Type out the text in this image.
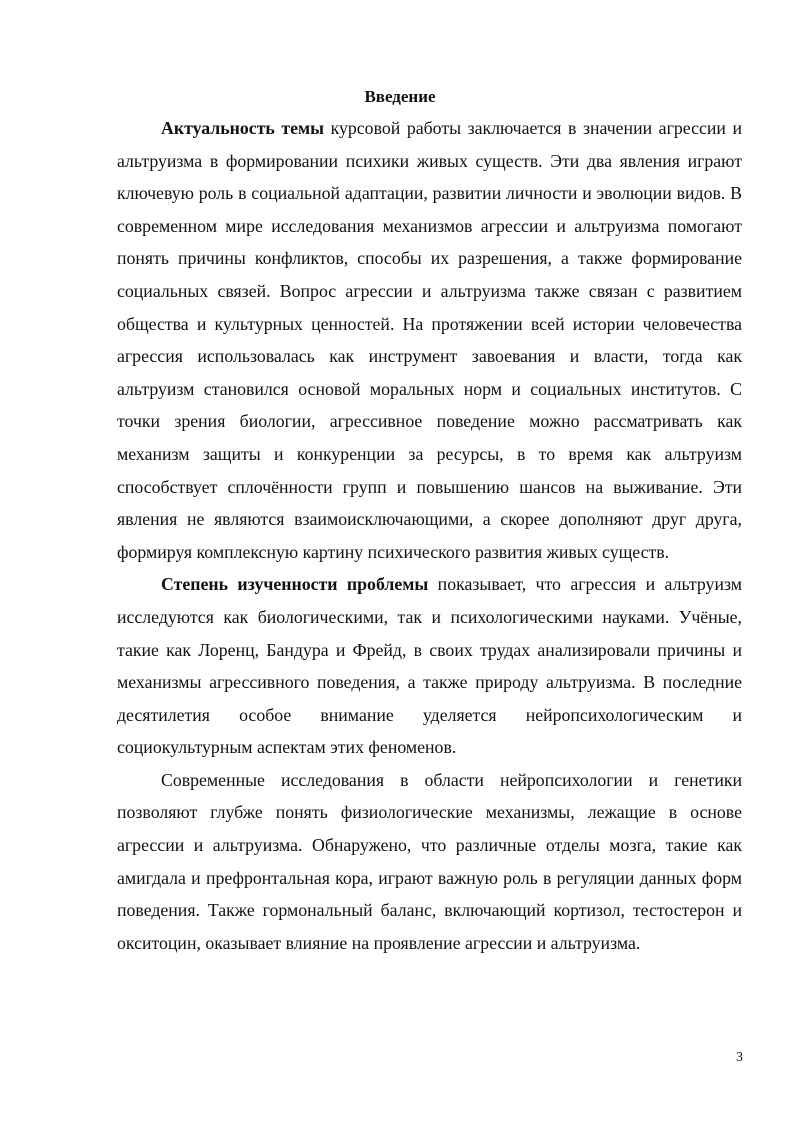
Введение

Актуальность темы курсовой работы заключается в значении агрессии и альтруизма в формировании психики живых существ. Эти два явления играют ключевую роль в социальной адаптации, развитии личности и эволюции видов. В современном мире исследования механизмов агрессии и альтруизма помогают понять причины конфликтов, способы их разрешения, а также формирование социальных связей. Вопрос агрессии и альтруизма также связан с развитием общества и культурных ценностей. На протяжении всей истории человечества агрессия использовалась как инструмент завоевания и власти, тогда как альтруизм становился основой моральных норм и социальных институтов. С точки зрения биологии, агрессивное поведение можно рассматривать как механизм защиты и конкуренции за ресурсы, в то время как альтруизм способствует сплочённости групп и повышению шансов на выживание. Эти явления не являются взаимоисключающими, а скорее дополняют друг друга, формируя комплексную картину психического развития живых существ.

Степень изученности проблемы показывает, что агрессия и альтруизм исследуются как биологическими, так и психологическими науками. Учёные, такие как Лоренц, Бандура и Фрейд, в своих трудах анализировали причины и механизмы агрессивного поведения, а также природу альтруизма. В последние десятилетия особое внимание уделяется нейропсихологическим и социокультурным аспектам этих феноменов.

Современные исследования в области нейропсихологии и генетики позволяют глубже понять физиологические механизмы, лежащие в основе агрессии и альтруизма. Обнаружено, что различные отделы мозга, такие как амигдала и префронтальная кора, играют важную роль в регуляции данных форм поведения. Также гормональный баланс, включающий кортизол, тестостерон и окситоцин, оказывает влияние на проявление агрессии и альтруизма.

3
